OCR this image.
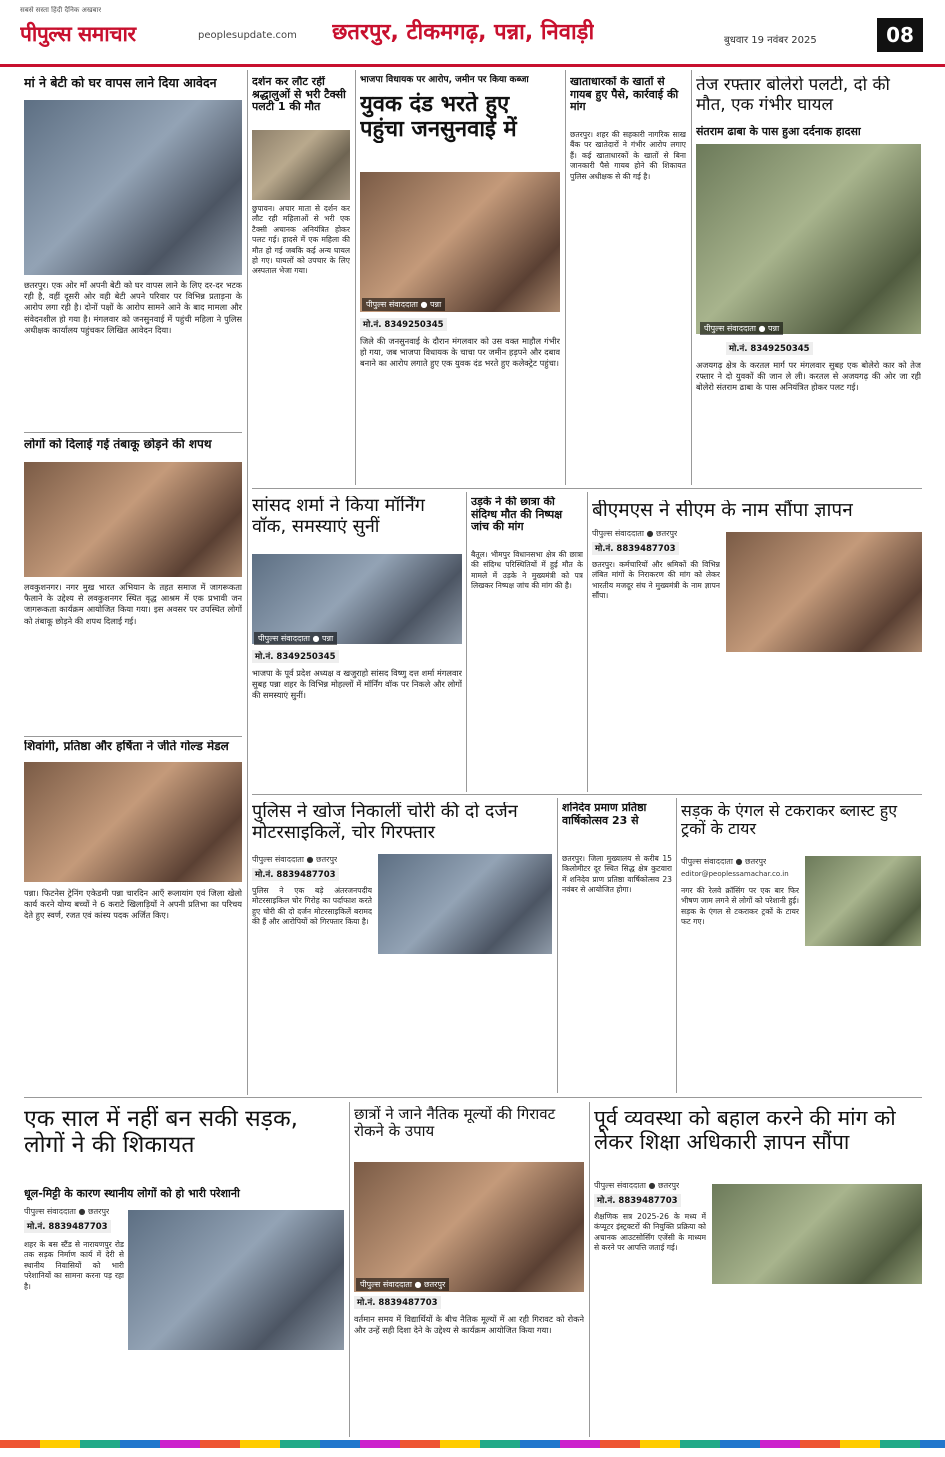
सबसे सस्ता हिंदी दैनिक अखबार
पीपुल्स समाचार	peoplesupdate.com छतरपुर, टीकमगढ़, पन्ना, निवाड़ी	बुधवार 19 नवंबर 2025	08
मां ने बेटी को घर वापस लाने दिया आवेदन
छतरपुर। एक ओर माँ अपनी बेटी को घर वापस लाने के लिए दर-दर भटक रही है, वहीं दूसरी ओर वही बेटी अपने परिवार पर विभिन्न प्रताड़ना के आरोप लगा रही है। दोनों पक्षों के आरोप सामने आने के बाद मामला और संवेदनशील हो गया है। मंगलवार को जनसुनवाई में पहुंची महिला ने पुलिस अधीक्षक कार्यालय पहुंचकर लिखित आवेदन दिया।
लोगों को दिलाई गई तंबाकू छोड़ने की शपथ
लवकुशनगर। नगर मुख भारत अभियान के तहत समाज में जागरूकता फैलाने के उद्देश्य से लवकुशनगर स्थित वृद्ध आश्रम में एक प्रभावी जन जागरूकता कार्यक्रम आयोजित किया गया। इस अवसर पर उपस्थित लोगों को तंबाकू छोड़ने की शपथ दिलाई गई।
दर्शन कर लौट रहीं श्रद्धालुओं से भरी टैक्सी पलटी 1 की मौत
छुपावन। अचार माता से दर्शन कर लौट रही महिलाओं से भरी एक टैक्सी अचानक अनियंत्रित होकर पलट गई। हादसे में एक महिला की मौत हो गई जबकि कई अन्य घायल हो गए। घायलों को उपचार के लिए अस्पताल भेजा गया।
भाजपा विधायक पर आरोप, जमीन पर किया कब्जा
युवक दंड भरते हुए पहुंचा जनसुनवाई में
पीपुल्स संवाददाता ● पन्ना
मो.नं. 8349250345
जिले की जनसुनवाई के दौरान मंगलवार को उस वक्त माहौल गंभीर हो गया, जब भाजपा विधायक के चाचा पर जमीन हड़पने और दबाव बनाने का आरोप लगाते हुए एक युवक दंड भरते हुए कलेक्ट्रेट पहुंचा।
खाताधारकों के खातों से गायब हुए पैसे, कार्रवाई की मांग
छतरपुर। शहर की सहकारी नागरिक साख बैंक पर खातेदारों ने गंभीर आरोप लगाए हैं। कई खाताधारकों के खातों से बिना जानकारी पैसे गायब होने की शिकायत पुलिस अधीक्षक से की गई है।
तेज रफ्तार बोलेरो पलटी, दो की मौत, एक गंभीर घायल
संतराम ढाबा के पास हुआ दर्दनाक हादसा
पीपुल्स संवाददाता ● पन्ना
मो.नं. 8349250345
अजयगढ़ क्षेत्र के करतल मार्ग पर मंगलवार सुबह एक बोलेरो कार को तेज रफ्तार ने दो युवकों की जान ले ली। करतल से अजयगढ़ की ओर जा रही बोलेरो संतराम ढाबा के पास अनियंत्रित होकर पलट गई।
सांसद शर्मा ने किया मॉर्निंग वॉक, समस्याएं सुनीं
पीपुल्स संवाददाता ● पन्ना
मो.नं. 8349250345
भाजपा के पूर्व प्रदेश अध्यक्ष व खजुराहो सांसद विष्णु दत्त शर्मा मंगलवार सुबह पन्ना शहर के विभिन्न मोहल्लों में मॉर्निंग वॉक पर निकले और लोगों की समस्याएं सुनीं।
उड़के ने की छात्रा की संदिग्ध मौत की निष्पक्ष जांच की मांग
बैतूल। भीमपुर विधानसभा क्षेत्र की छात्रा की संदिग्ध परिस्थितियों में हुई मौत के मामले में उड़के ने मुख्यमंत्री को पत्र लिखकर निष्पक्ष जांच की मांग की है।
बीएमएस ने सीएम के नाम सौंपा ज्ञापन
पीपुल्स संवाददाता ● छतरपुर
मो.नं. 8839487703
छतरपुर। कर्मचारियों और श्रमिकों की विभिन्न लंबित मांगों के निराकरण की मांग को लेकर भारतीय मजदूर संघ ने मुख्यमंत्री के नाम ज्ञापन सौंपा।
पुलिस ने खोज निकालीं चोरी की दो दर्जन मोटरसाइकिलें, चोर गिरफ्तार
पीपुल्स संवाददाता ● छतरपुर
मो.नं. 8839487703
पुलिस ने एक बड़े अंतरजनपदीय मोटरसाइकिल चोर गिरोह का पर्दाफाश करते हुए चोरी की दो दर्जन मोटरसाइकिलें बरामद की हैं और आरोपियों को गिरफ्तार किया है।
शनिदेव प्रमाण प्रतिष्ठा वार्षिकोत्सव 23 से
छतरपुर। जिला मुख्यालय से करीब 15 किलोमीटर दूर स्थित सिद्ध क्षेत्र कुटवारा में शनिदेव प्राण प्रतिष्ठा वार्षिकोत्सव 23 नवंबर से आयोजित होगा।
सड़क के एंगल से टकराकर ब्लास्ट हुए ट्रकों के टायर
पीपुल्स संवाददाता ● छतरपुर
editor@peoplessamachar.co.in
नगर की रेलवे क्रॉसिंग पर एक बार फिर भीषण जाम लगने से लोगों को परेशानी हुई। सड़क के एंगल से टकराकर ट्रकों के टायर फट गए।
शिवांगी, प्रतिष्ठा और हर्षिता ने जीते गोल्ड मेडल
पन्ना। फिटनेस ट्रेनिंग एकेडमी पन्ना चारदिन आएँ रूलायांग एवं जिला खेलो कार्य करने योग्य बच्चों ने 6 कराटे खिलाड़ियों ने अपनी प्रतिभा का परिचय देते हुए स्वर्ण, रजत एवं कांस्य पदक अर्जित किए।
एक साल में नहीं बन सकी सड़क, लोगों ने की शिकायत
धूल-मिट्टी के कारण स्थानीय लोगों को हो भारी परेशानी
पीपुल्स संवाददाता ● छतरपुर
मो.नं. 8839487703
शहर के बस स्टैंड से नारायणपुर रोड तक सड़क निर्माण कार्य में देरी से स्थानीय निवासियों को भारी परेशानियों का सामना करना पड़ रहा है।
छात्रों ने जाने नैतिक मूल्यों की गिरावट रोकने के उपाय
पीपुल्स संवाददाता ● छतरपुर
मो.नं. 8839487703
वर्तमान समय में विद्यार्थियों के बीच नैतिक मूल्यों में आ रही गिरावट को रोकने और उन्हें सही दिशा देने के उद्देश्य से कार्यक्रम आयोजित किया गया।
पूर्व व्यवस्था को बहाल करने की मांग को लेकर शिक्षा अधिकारी ज्ञापन सौंपा
पीपुल्स संवाददाता ● छतरपुर
मो.नं. 8839487703
शैक्षणिक सत्र 2025-26 के मध्य में कंप्यूटर इंस्ट्रक्टरों की नियुक्ति प्रक्रिया को अचानक आउटसोर्सिंग एजेंसी के माध्यम से करने पर आपत्ति जताई गई।
